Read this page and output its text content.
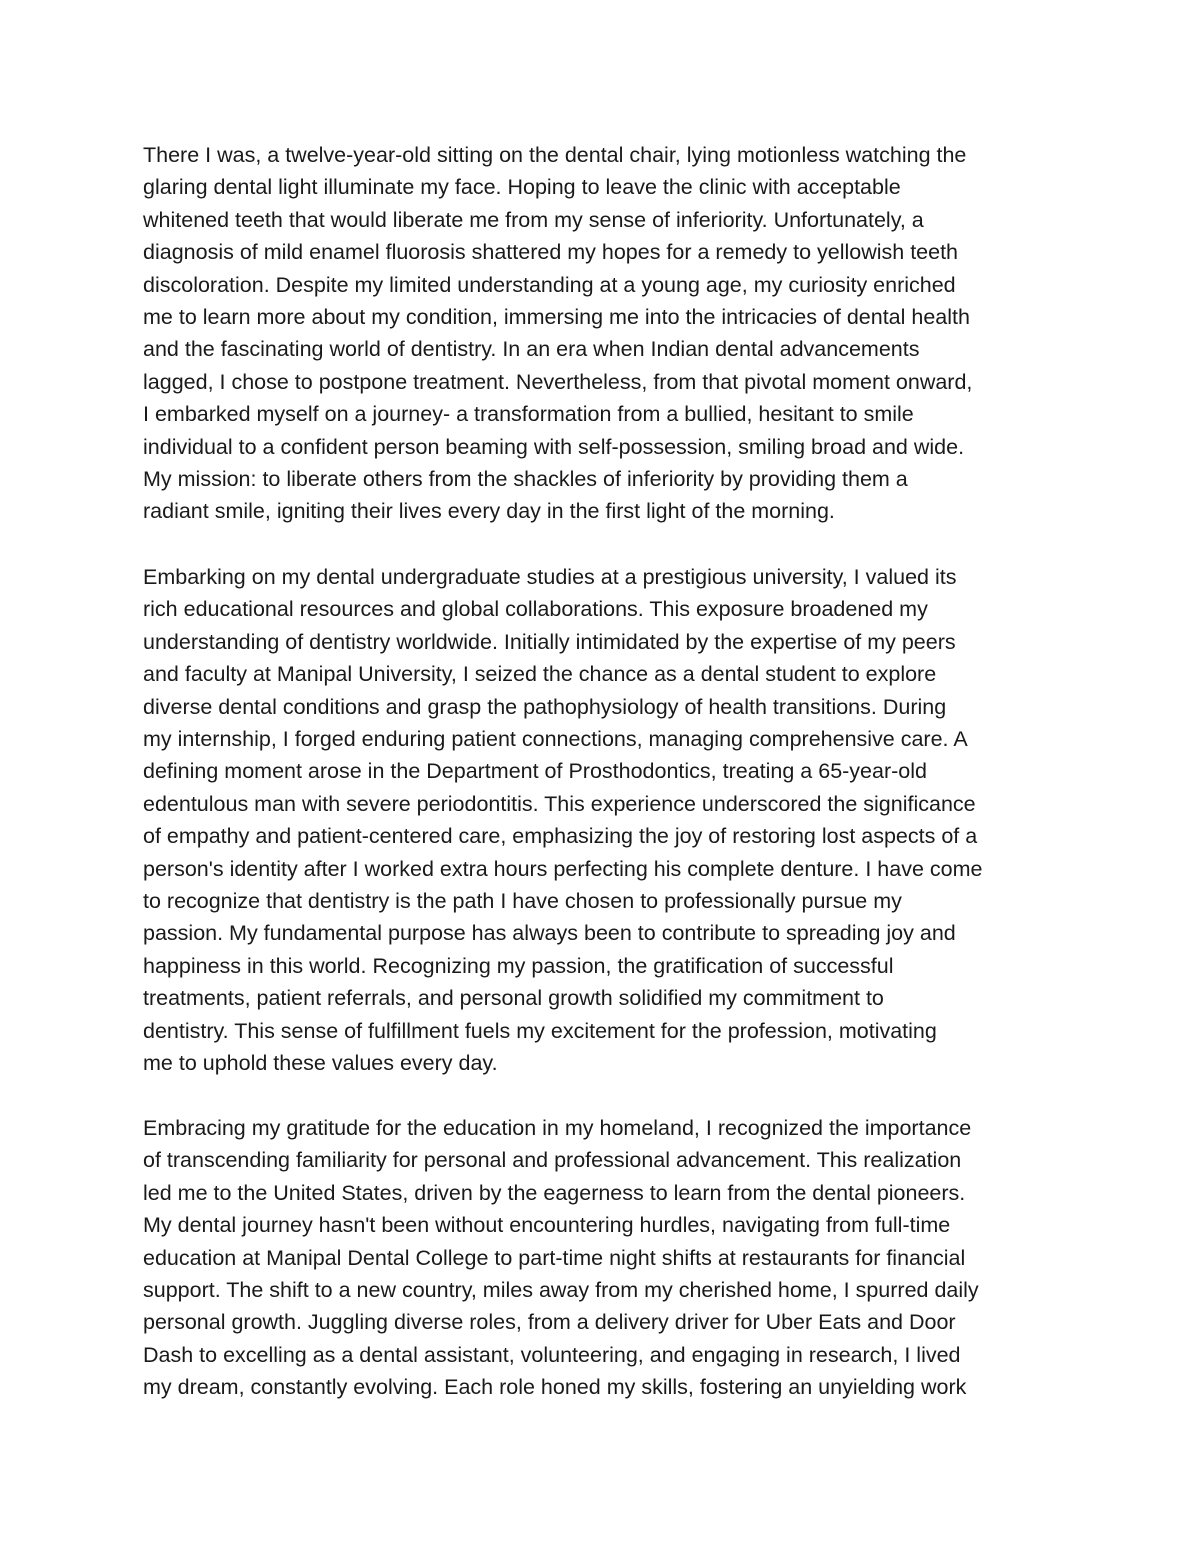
There I was, a twelve-year-old sitting on the dental chair, lying motionless watching the
glaring dental light illuminate my face. Hoping to leave the clinic with acceptable
whitened teeth that would liberate me from my sense of inferiority. Unfortunately, a
diagnosis of mild enamel fluorosis shattered my hopes for a remedy to yellowish teeth
discoloration. Despite my limited understanding at a young age, my curiosity enriched
me to learn more about my condition, immersing me into the intricacies of dental health
and the fascinating world of dentistry. In an era when Indian dental advancements
lagged, I chose to postpone treatment. Nevertheless, from that pivotal moment onward,
I embarked myself on a journey- a transformation from a bullied, hesitant to smile
individual to a confident person beaming with self-possession, smiling broad and wide.
My mission: to liberate others from the shackles of inferiority by providing them a
radiant smile, igniting their lives every day in the first light of the morning.

Embarking on my dental undergraduate studies at a prestigious university, I valued its
rich educational resources and global collaborations. This exposure broadened my
understanding of dentistry worldwide. Initially intimidated by the expertise of my peers
and faculty at Manipal University, I seized the chance as a dental student to explore
diverse dental conditions and grasp the pathophysiology of health transitions. During
my internship, I forged enduring patient connections, managing comprehensive care. A
defining moment arose in the Department of Prosthodontics, treating a 65-year-old
edentulous man with severe periodontitis. This experience underscored the significance
of empathy and patient-centered care, emphasizing the joy of restoring lost aspects of a
person's identity after I worked extra hours perfecting his complete denture. I have come
to recognize that dentistry is the path I have chosen to professionally pursue my
passion. My fundamental purpose has always been to contribute to spreading joy and
happiness in this world. Recognizing my passion, the gratification of successful
treatments, patient referrals, and personal growth solidified my commitment to
dentistry. This sense of fulfillment fuels my excitement for the profession, motivating
me to uphold these values every day.

Embracing my gratitude for the education in my homeland, I recognized the importance
of transcending familiarity for personal and professional advancement. This realization
led me to the United States, driven by the eagerness to learn from the dental pioneers.
My dental journey hasn't been without encountering hurdles, navigating from full-time
education at Manipal Dental College to part-time night shifts at restaurants for financial
support. The shift to a new country, miles away from my cherished home, I spurred daily
personal growth. Juggling diverse roles, from a delivery driver for Uber Eats and Door
Dash to excelling as a dental assistant, volunteering, and engaging in research, I lived
my dream, constantly evolving. Each role honed my skills, fostering an unyielding work
